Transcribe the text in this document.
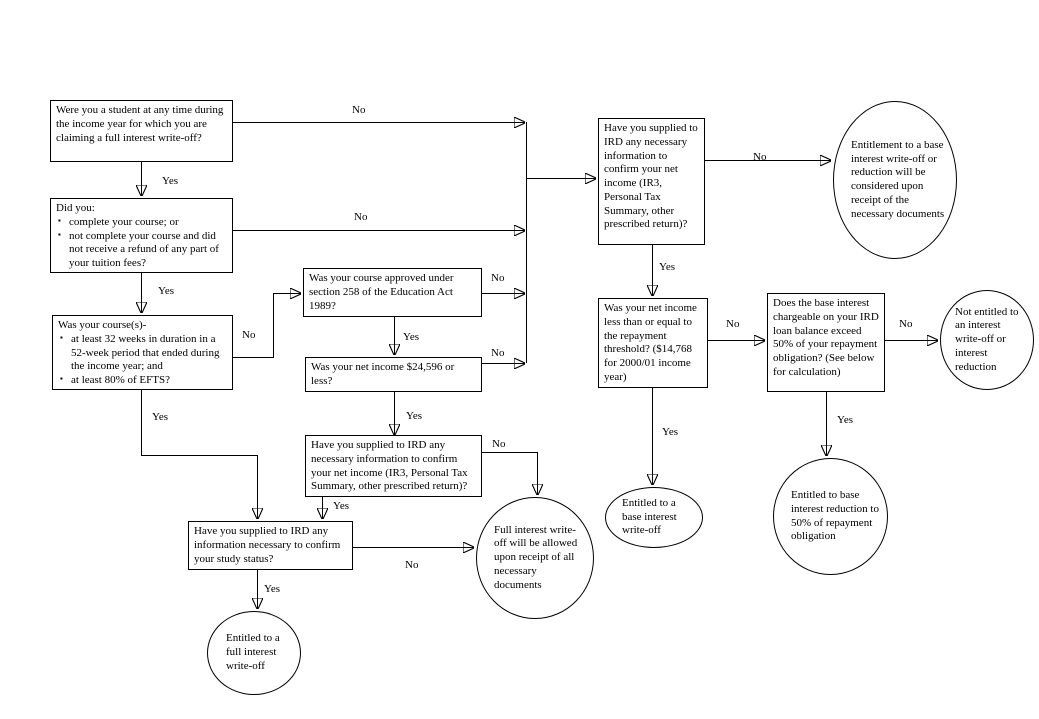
Were you a student at any time during the income year for which you are claiming a full interest write-off?
Did you:
▪ complete your course; or
▪ not complete your course and did not receive a refund of any part of your tuition fees?
Was your course(s)-
▪ at least 32 weeks in duration in a 52-week period that ended during the income year; and
▪ at least 80% of EFTS?
Was your course approved under section 258 of the Education Act 1989?
Was your net income $24,596 or less?
Have you supplied to IRD any necessary information to confirm your net income (IR3, Personal Tax Summary, other prescribed return)?
Have you supplied to IRD any necessary information to confirm your net income (IR3, Personal Tax Summary, other prescribed return)?
Was your net income less than or equal to the repayment threshold? ($14,768 for 2000/01 income year)
Does the base interest chargeable on your IRD loan balance exceed 50% of your repayment obligation? (See below for calculation)
Have you supplied to IRD any information necessary to confirm your study status?
Entitlement to a base interest write-off or reduction will be considered upon receipt of the necessary documents
Not entitled to an interest write-off or interest reduction
Full interest write-off will be allowed upon receipt of all necessary documents
Entitled to a full interest write-off
Entitled to a base interest write-off
Entitled to base interest reduction to 50% of repayment obligation
No
Yes
No
Yes
No
Yes
No
Yes
No
Yes
No
Yes
No
Yes
No
Yes
No
Yes
No
Yes
